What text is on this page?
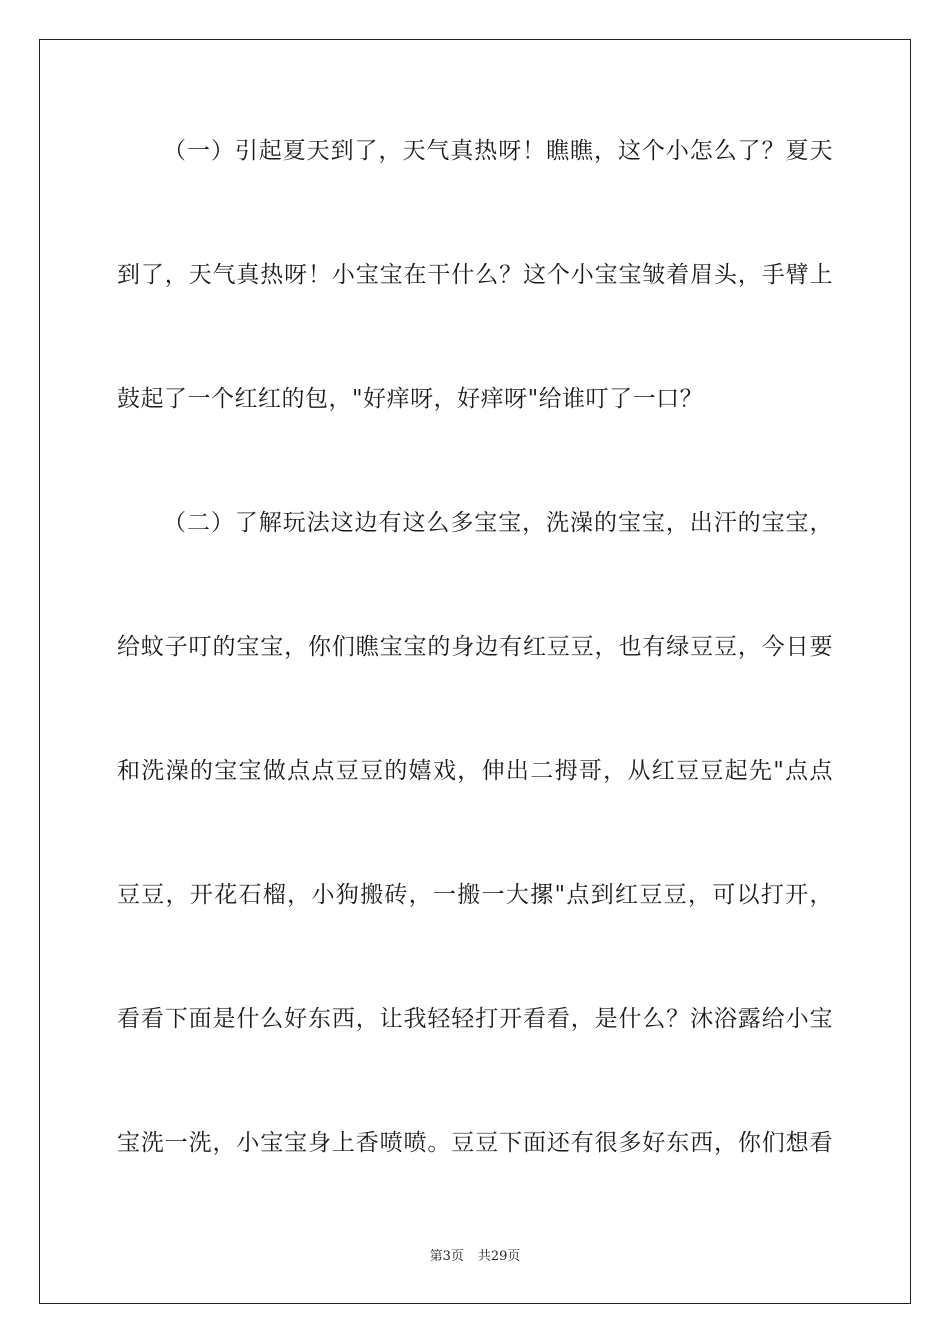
（一）引起夏天到了，天气真热呀！瞧瞧，这个小怎么了？夏天
到了，天气真热呀！小宝宝在干什么？这个小宝宝皱着眉头，手臂上
鼓起了一个红红的包，"好痒呀，好痒呀"给谁叮了一口？
（二）了解玩法这边有这么多宝宝，洗澡的宝宝，出汗的宝宝，
给蚊子叮的宝宝，你们瞧宝宝的身边有红豆豆，也有绿豆豆，今日要
和洗澡的宝宝做点点豆豆的嬉戏，伸出二拇哥，从红豆豆起先"点点
豆豆，开花石榴，小狗搬砖，一搬一大摞"点到红豆豆，可以打开，
看看下面是什么好东西，让我轻轻打开看看，是什么？沐浴露给小宝
宝洗一洗，小宝宝身上香喷喷。豆豆下面还有很多好东西，你们想看
第3页 共29页
